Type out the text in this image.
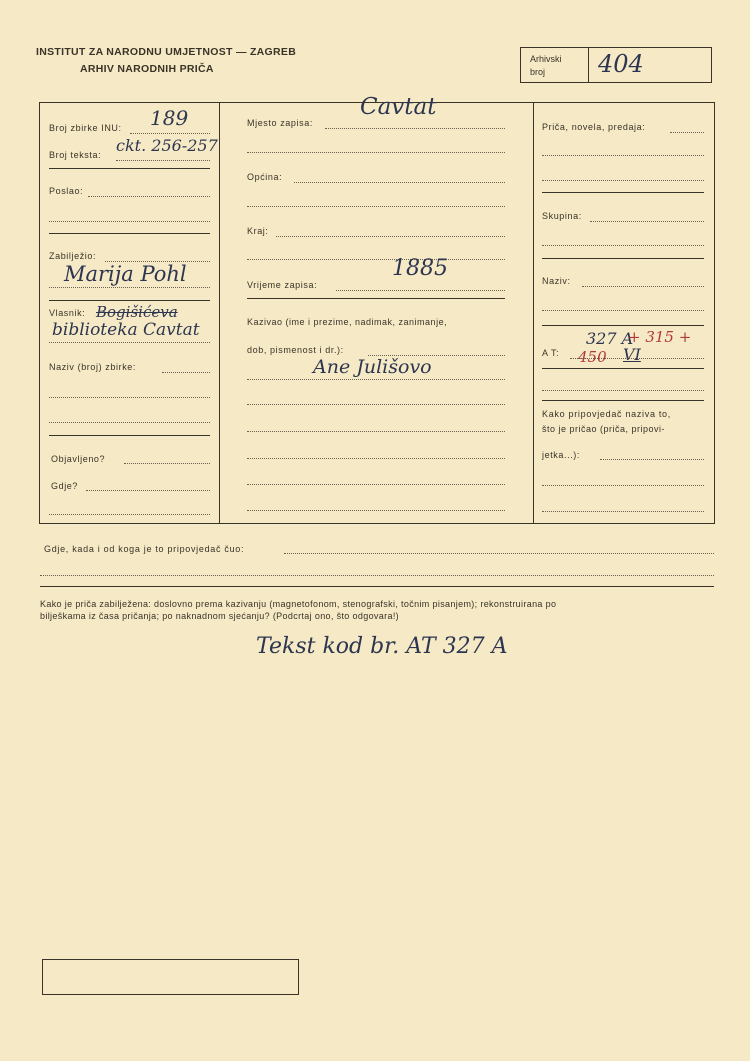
INSTITUT ZA NARODNU UMJETNOST — ZAGREB
ARHIV NARODNIH PRIČA
Arhivski
broj 404
Broj zbirke INU: 189
Broj teksta: ckt. 256-257
Poslao:
Zabilježio:
Marija Pohl
Vlasnik: Bogišićeva
biblioteka Cavtat
Naziv (broj) zbirke:
Objavljeno?
Gdje?
Mjesto zapisa:
Cavtat
Općina:
Kraj:
Vrijeme zapisa:
1885
Kazivao (ime i prezime, nadimak, zanimanje,
dob, pismenost i dr.):
Ane Julišovo
Priča, novela, predaja:
Skupina:
Naziv:
A T:
327 A
+ 315 +
450 VI
Kako pripovjedač naziva to,
što je pričao (priča, pripovi-
jetka...):
Gdje, kada i od koga je to pripovjedač čuo:
Kako je priča zabilježena: doslovno prema kazivanju (magnetofonom, stenografski, točnim pisanjem); rekonstruirana po
bilješkama iz časa pričanja; po naknadnom sjećanju? (Podcrtaj ono, što odgovara!)
Tekst kod br. AT 327 A
